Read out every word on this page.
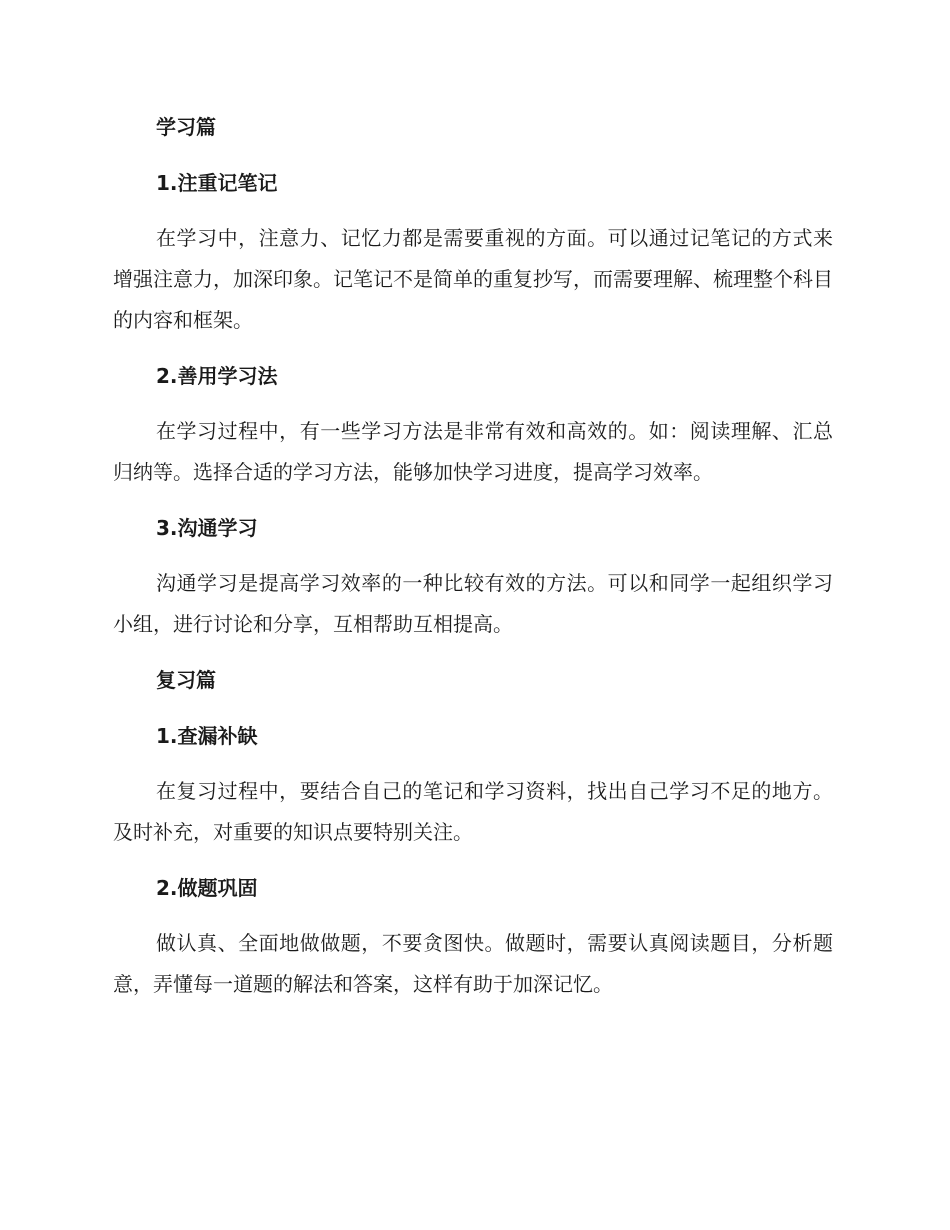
学习篇
1.注重记笔记

在学习中，注意力、记忆力都是需要重视的方面。可以通过记笔记的方式来增强注意力，加深印象。记笔记不是简单的重复抄写，而需要理解、梳理整个科目的内容和框架。

2.善用学习法

在学习过程中，有一些学习方法是非常有效和高效的。如：阅读理解、汇总归纳等。选择合适的学习方法，能够加快学习进度，提高学习效率。

3.沟通学习

沟通学习是提高学习效率的一种比较有效的方法。可以和同学一起组织学习小组，进行讨论和分享，互相帮助互相提高。

复习篇
1.查漏补缺

在复习过程中，要结合自己的笔记和学习资料，找出自己学习不足的地方。及时补充，对重要的知识点要特别关注。

2.做题巩固

做认真、全面地做做题，不要贪图快。做题时，需要认真阅读题目，分析题意，弄懂每一道题的解法和答案，这样有助于加深记忆。
